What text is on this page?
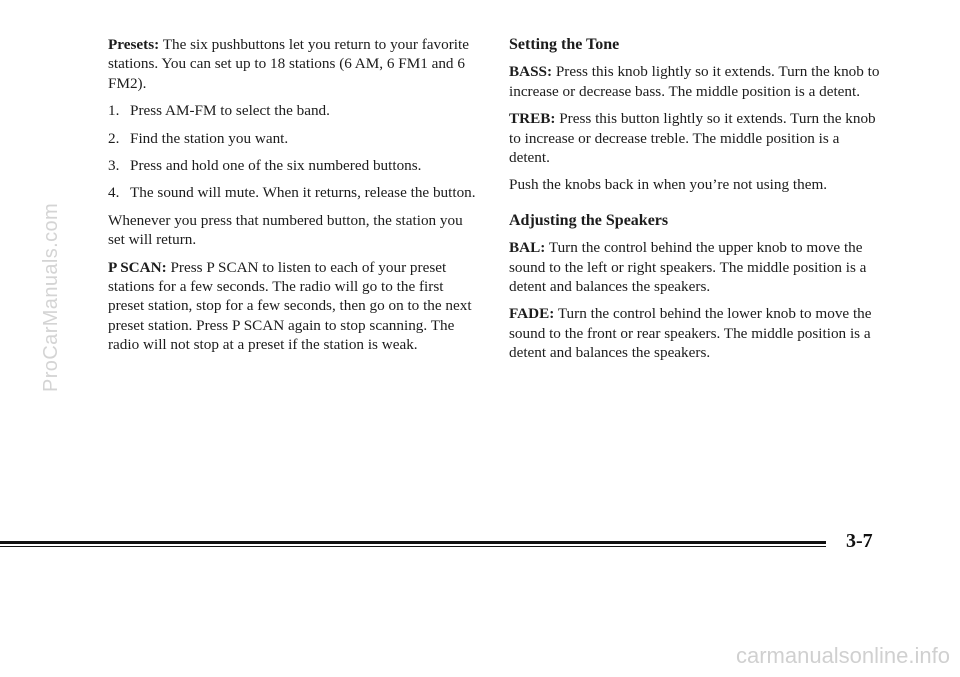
Presets: The six pushbuttons let you return to your favorite stations. You can set up to 18 stations (6 AM, 6 FM1 and 6 FM2).

1. Press AM-FM to select the band.
2. Find the station you want.
3. Press and hold one of the six numbered buttons.
4. The sound will mute. When it returns, release the button.

Whenever you press that numbered button, the station you set will return.

P SCAN: Press P SCAN to listen to each of your preset stations for a few seconds. The radio will go to the first preset station, stop for a few seconds, then go on to the next preset station. Press P SCAN again to stop scanning. The radio will not stop at a preset if the station is weak.

Setting the Tone

BASS: Press this knob lightly so it extends. Turn the knob to increase or decrease bass. The middle position is a detent.

TREB: Press this button lightly so it extends. Turn the knob to increase or decrease treble. The middle position is a detent.

Push the knobs back in when you’re not using them.

Adjusting the Speakers

BAL: Turn the control behind the upper knob to move the sound to the left or right speakers. The middle position is a detent and balances the speakers.

FADE: Turn the control behind the lower knob to move the sound to the front or rear speakers. The middle position is a detent and balances the speakers.

3-7
ProCarManuals.com
carmanualsonline.info
